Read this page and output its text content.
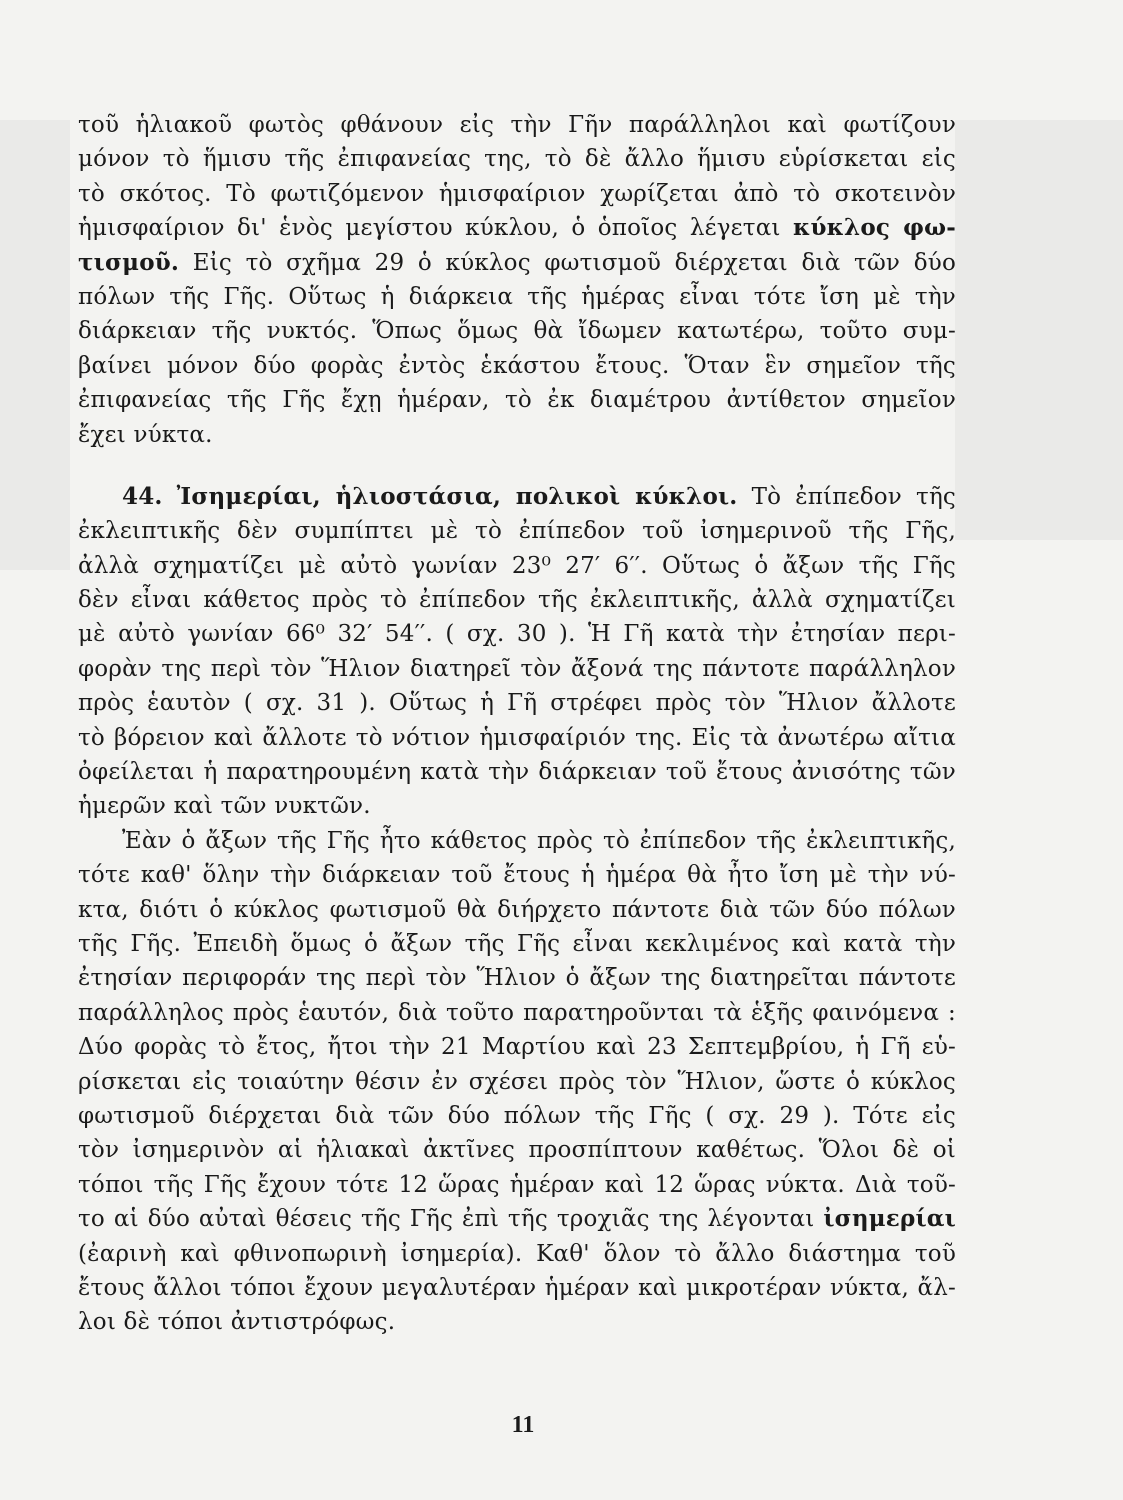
τοῦ ἡλιακοῦ φωτὸς φθάνουν εἰς τὴν Γῆν παράλληλοι καὶ φωτίζουν
μόνον τὸ ἥμισυ τῆς ἐπιφανείας της, τὸ δὲ ἄλλο ἥμισυ εὑρίσκεται εἰς
τὸ σκότος. Τὸ φωτιζόμενον ἡμισφαίριον χωρίζεται ἀπὸ τὸ σκοτεινὸν
ἡμισφαίριον δι' ἑνὸς μεγίστου κύκλου, ὁ ὁποῖος λέγεται κύκλος φω-
τισμοῦ. Εἰς τὸ σχῆμα 29 ὁ κύκλος φωτισμοῦ διέρχεται διὰ τῶν δύο
πόλων τῆς Γῆς. Οὕτως ἡ διάρκεια τῆς ἡμέρας εἶναι τότε ἴση μὲ τὴν
διάρκειαν τῆς νυκτός. Ὅπως ὅμως θὰ ἴδωμεν κατωτέρω, τοῦτο συμ-
βαίνει μόνον δύο φορὰς ἐντὸς ἑκάστου ἔτους. Ὅταν ἓν σημεῖον τῆς
ἐπιφανείας τῆς Γῆς ἔχῃ ἡμέραν, τὸ ἐκ διαμέτρου ἀντίθετον σημεῖον
ἔχει νύκτα.
44. Ἰσημερίαι, ἡλιοστάσια, πολικοὶ κύκλοι. Τὸ ἐπίπεδον τῆς
ἐκλειπτικῆς δὲν συμπίπτει μὲ τὸ ἐπίπεδον τοῦ ἰσημερινοῦ τῆς Γῆς,
ἀλλὰ σχηματίζει μὲ αὐτὸ γωνίαν 23⁰ 27′ 6′′. Οὕτως ὁ ἄξων τῆς Γῆς
δὲν εἶναι κάθετος πρὸς τὸ ἐπίπεδον τῆς ἐκλειπτικῆς, ἀλλὰ σχηματίζει
μὲ αὐτὸ γωνίαν 66⁰ 32′ 54′′. ( σχ. 30 ). Ἡ Γῆ κατὰ τὴν ἐτησίαν περι-
φορὰν της περὶ τὸν Ἥλιον διατηρεῖ τὸν ἄξονά της πάντοτε παράλληλον
πρὸς ἑαυτὸν ( σχ. 31 ). Οὕτως ἡ Γῆ στρέφει πρὸς τὸν Ἥλιον ἄλλοτε
τὸ βόρειον καὶ ἄλλοτε τὸ νότιον ἡμισφαίριόν της. Εἰς τὰ ἀνωτέρω αἴτια
ὀφείλεται ἡ παρατηρουμένη κατὰ τὴν διάρκειαν τοῦ ἔτους ἀνισότης τῶν
ἡμερῶν καὶ τῶν νυκτῶν.
Ἐὰν ὁ ἄξων τῆς Γῆς ἦτο κάθετος πρὸς τὸ ἐπίπεδον τῆς ἐκλειπτικῆς,
τότε καθ' ὅλην τὴν διάρκειαν τοῦ ἔτους ἡ ἡμέρα θὰ ἦτο ἴση μὲ τὴν νύ-
κτα, διότι ὁ κύκλος φωτισμοῦ θὰ διήρχετο πάντοτε διὰ τῶν δύο πόλων
τῆς Γῆς. Ἐπειδὴ ὅμως ὁ ἄξων τῆς Γῆς εἶναι κεκλιμένος καὶ κατὰ τὴν
ἐτησίαν περιφοράν της περὶ τὸν Ἥλιον ὁ ἄξων της διατηρεῖται πάντοτε
παράλληλος πρὸς ἑαυτόν, διὰ τοῦτο παρατηροῦνται τὰ ἑξῆς φαινόμενα :
Δύο φορὰς τὸ ἔτος, ἤτοι τὴν 21 Μαρτίου καὶ 23 Σεπτεμβρίου, ἡ Γῆ εὑ-
ρίσκεται εἰς τοιαύτην θέσιν ἐν σχέσει πρὸς τὸν Ἥλιον, ὥστε ὁ κύκλος
φωτισμοῦ διέρχεται διὰ τῶν δύο πόλων τῆς Γῆς ( σχ. 29 ). Τότε εἰς
τὸν ἰσημερινὸν αἱ ἡλιακαὶ ἀκτῖνες προσπίπτουν καθέτως. Ὅλοι δὲ οἱ
τόποι τῆς Γῆς ἔχουν τότε 12 ὥρας ἡμέραν καὶ 12 ὥρας νύκτα. Διὰ τοῦ-
το αἱ δύο αὐταὶ θέσεις τῆς Γῆς ἐπὶ τῆς τροχιᾶς της λέγονται ἰσημερίαι
(ἐαρινὴ καὶ φθινοπωρινὴ ἰσημερία). Καθ' ὅλον τὸ ἄλλο διάστημα τοῦ
ἔτους ἄλλοι τόποι ἔχουν μεγαλυτέραν ἡμέραν καὶ μικροτέραν νύκτα, ἄλ-
λοι δὲ τόποι ἀντιστρόφως.
11
